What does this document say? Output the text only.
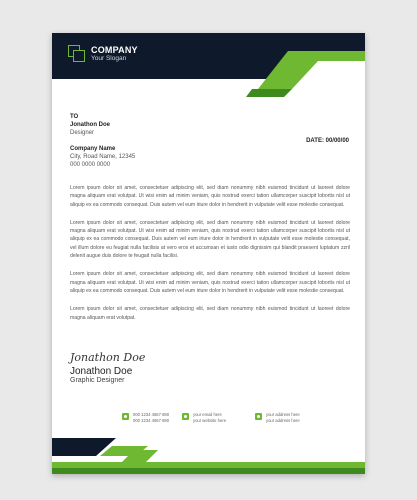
COMPANY
Your Slogan
TO
Jonathon Doe
Designer
Company Name
City, Road Name, 12345
000 0000 0000
DATE: 00/00/00

Lorem ipsum dolor sit amet, consectetuer adipiscing elit, sed diam nonummy nibh euismod tincidunt ut laoreet dolore magna aliquam erat volutpat. Ut wisi enim ad minim veniam, quis nostrud exerci tation ullamcorper suscipit lobortis nisl ut aliquip ex ea commodo consequat. Duis autem vel eum iriure dolor in hendrerit in vulputate velit esse molestie consequat.

Lorem ipsum dolor sit amet, consectetuer adipiscing elit, sed diam nonummy nibh euismod tincidunt ut laoreet dolore magna aliquam erat volutpat. Ut wisi enim ad minim veniam, quis nostrud exerci tation ullamcorper suscipit lobortis nisl ut aliquip ex ea commodo consequat. Duis autem vel eum iriure dolor in hendrerit in vulputate velit esse molestie consequat, vel illum dolore eu feugiat nulla facilisis at vero eros et accumsan et iusto odio dignissim qui blandit praesent luptatum zzril delenit augue duis dolore te feugait nulla facilisi.

Lorem ipsum dolor sit amet, consectetuer adipiscing elit, sed diam nonummy nibh euismod tincidunt ut laoreet dolore magna aliquam erat volutpat. Ut wisi enim ad minim veniam, quis nostrud exerci tation ullamcorper suscipit lobortis nisl ut aliquip ex ea commodo consequat. Duis autem vel eum iriure dolor in hendrerit in vulputate velit esse molestie consequat.

Lorem ipsum dolor sit amet, consectetuer adipiscing elit, sed diam nonummy nibh euismod tincidunt ut laoreet dolore magna aliquam erat volutpat.

Jonathon Doe
Jonathon Doe
Graphic Designer
000 1234 4567 890
000 1234 4567 890
your email here
your website here
your address here
your address here
